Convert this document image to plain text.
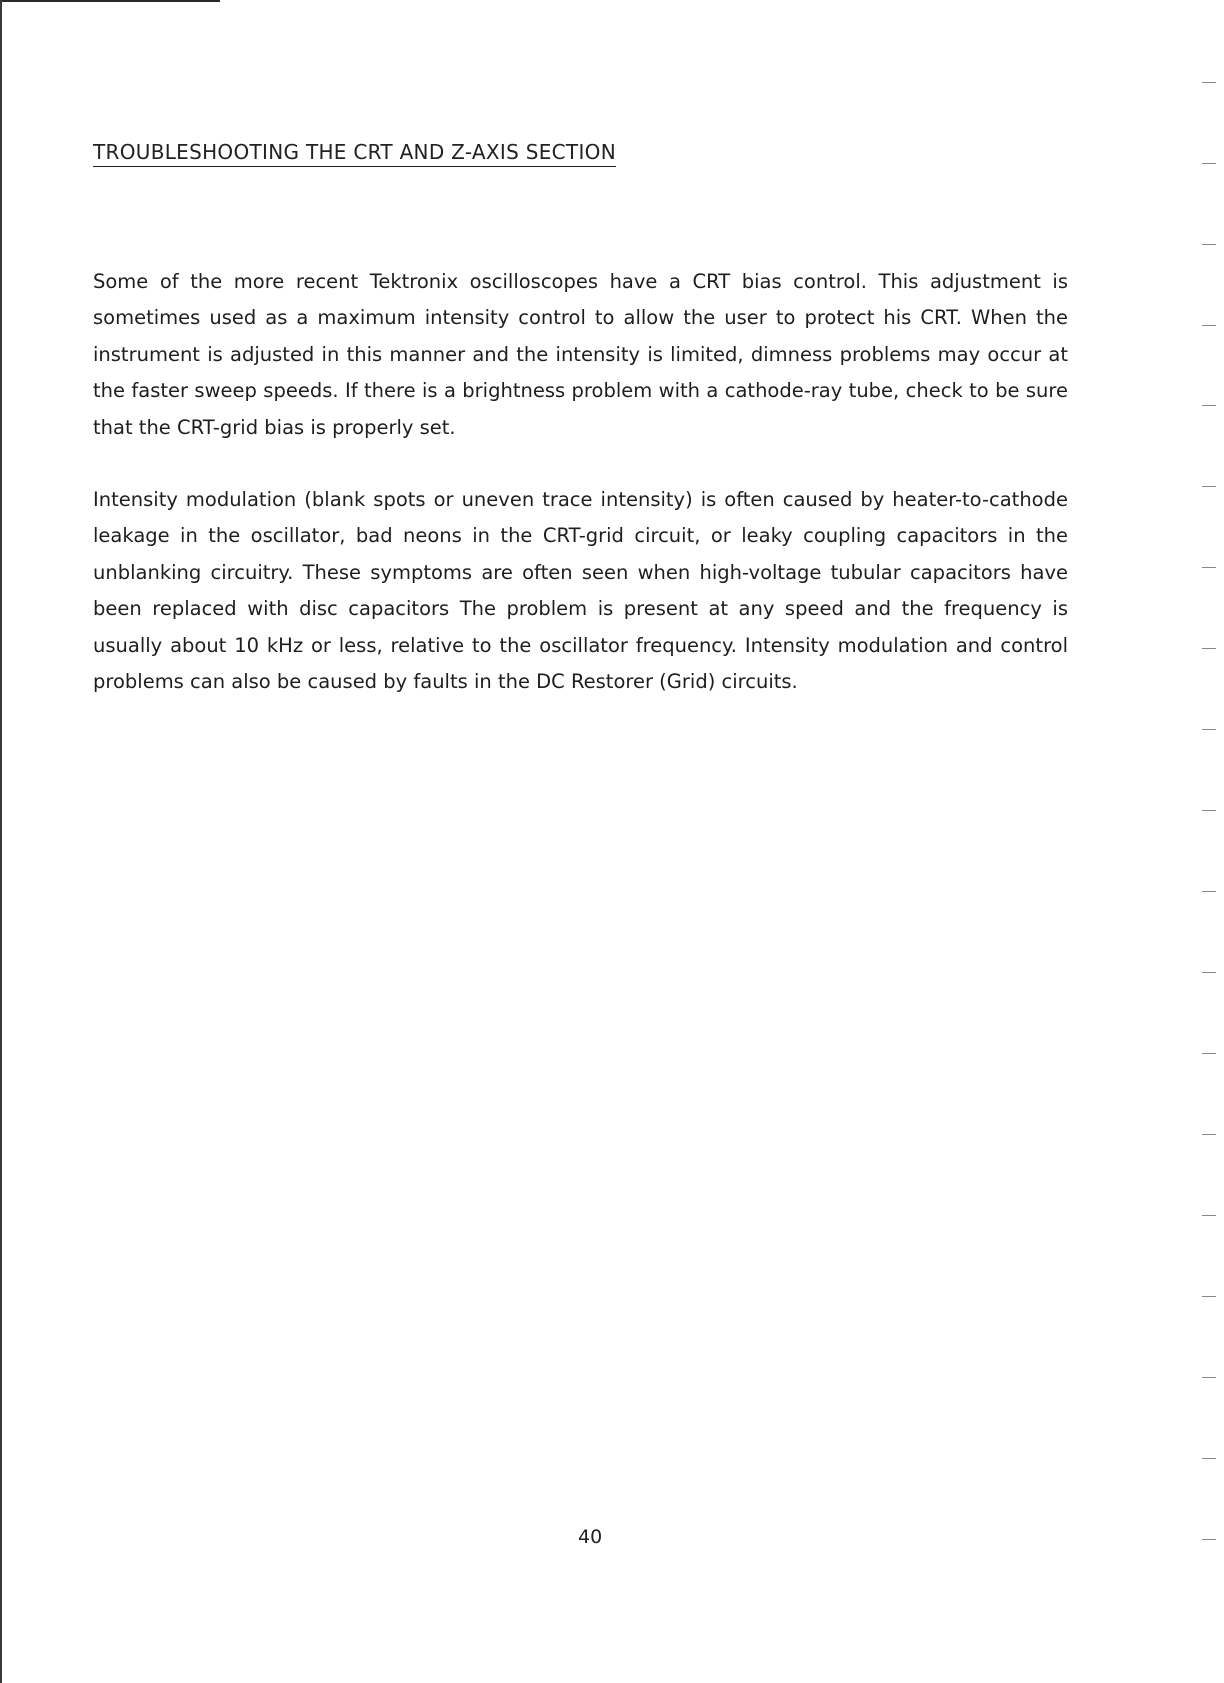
TROUBLESHOOTING THE CRT AND Z-AXIS SECTION

Some of the more recent Tektronix oscilloscopes have a CRT bias control. This adjustment is sometimes used as a maximum intensity control to allow the user to protect his CRT. When the instrument is adjusted in this manner and the intensity is limited, dimness problems may occur at the faster sweep speeds. If there is a brightness problem with a cathode-ray tube, check to be sure that the CRT-grid bias is properly set.

Intensity modulation (blank spots or uneven trace intensity) is often caused by heater-to-cathode leakage in the oscillator, bad neons in the CRT-grid circuit, or leaky coupling capacitors in the unblanking circuitry. These symptoms are often seen when high-voltage tubular capacitors have been replaced with disc capacitors The problem is present at any speed and the frequency is usually about 10 kHz or less, relative to the oscillator frequency. Intensity modulation and control problems can also be caused by faults in the DC Restorer (Grid) circuits.

40
